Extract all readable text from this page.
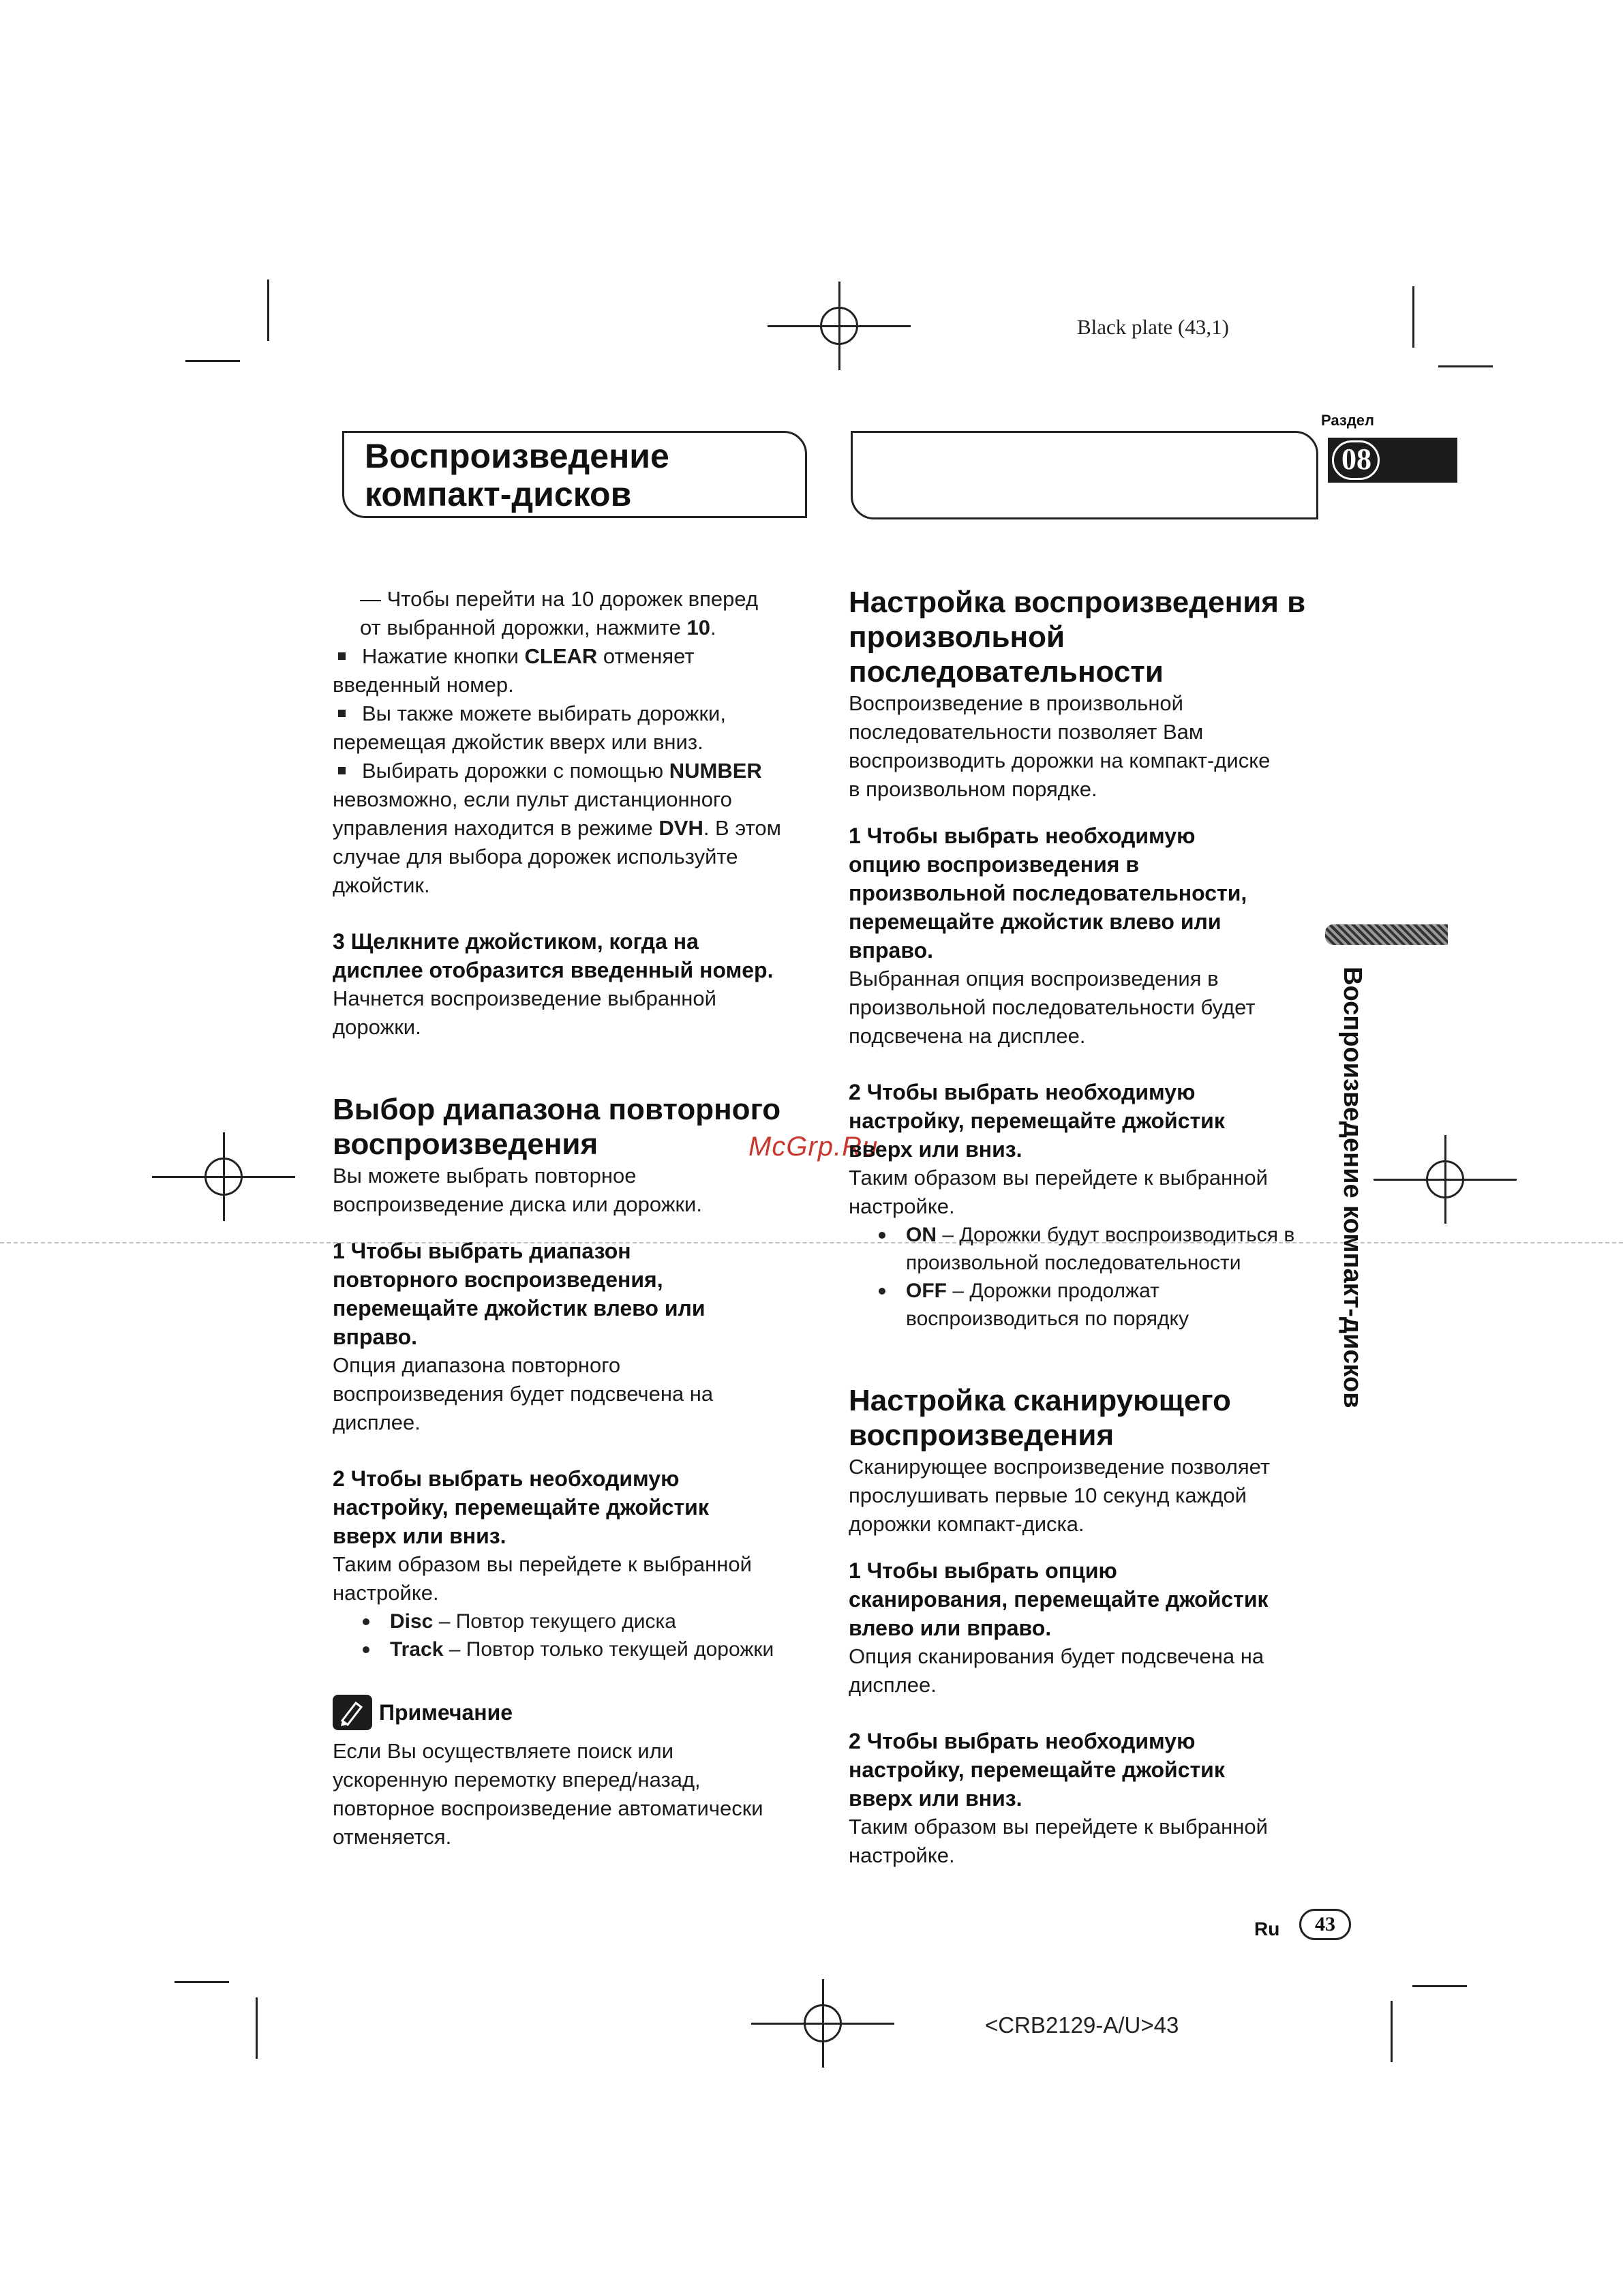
Black plate (43,1)
Раздел
08
Воспроизведение
компакт-дисков
Воспроизведение компакт-дисков
McGrp.Ru

— Чтобы перейти на 10 дорожек вперед

от выбранной дорожки, нажмите 10.

Нажатие кнопки CLEAR отменяет

введенный номер.

Вы также можете выбирать дорожки,

перемещая джойстик вверх или вниз.

Выбирать дорожки с помощью NUMBER

невозможно, если пульт дистанционного

управления находится в режиме DVH. В этом

случае для выбора дорожек используйте

джойстик.

3 Щелкните джойстиком, когда на

дисплее отобразится введенный номер.

Начнется воспроизведение выбранной

дорожки.

Выбор диапазона повторного

воспроизведения

Вы можете выбрать повторное

воспроизведение диска или дорожки.

1 Чтобы выбрать диапазон

повторного воспроизведения,

перемещайте джойстик влево или

вправо.

Опция диапазона повторного

воспроизведения будет подсвечена на

дисплее.

2 Чтобы выбрать необходимую

настройку, перемещайте джойстик

вверх или вниз.

Таким образом вы перейдете к выбранной

настройке.

Disc – Повтор текущего диска

Track – Повтор только текущей дорожки

Примечание

Если Вы осуществляете поиск или

ускоренную перемотку вперед/назад,

повторное воспроизведение автоматически

отменяется.

Настройка воспроизведения в

произвольной

последовательности

Воспроизведение в произвольной

последовательности позволяет Вам

воспроизводить дорожки на компакт-диске

в произвольном порядке.

1 Чтобы выбрать необходимую

опцию воспроизведения в

произвольной последовательности,

перемещайте джойстик влево или

вправо.

Выбранная опция воспроизведения в

произвольной последовательности будет

подсвечена на дисплее.

2 Чтобы выбрать необходимую

настройку, перемещайте джойстик

вверх или вниз.

Таким образом вы перейдете к выбранной

настройке.

ON – Дорожки будут воспроизводиться в

произвольной последовательности

OFF – Дорожки продолжат

воспроизводиться по порядку

Настройка сканирующего

воспроизведения

Сканирующее воспроизведение позволяет

прослушивать первые 10 секунд каждой

дорожки компакт-диска.

1 Чтобы выбрать опцию

сканирования, перемещайте джойстик

влево или вправо.

Опция сканирования будет подсвечена на

дисплее.

2 Чтобы выбрать необходимую

настройку, перемещайте джойстик

вверх или вниз.

Таким образом вы перейдете к выбранной

настройке.

Ru	43
<CRB2129-A/U>43
